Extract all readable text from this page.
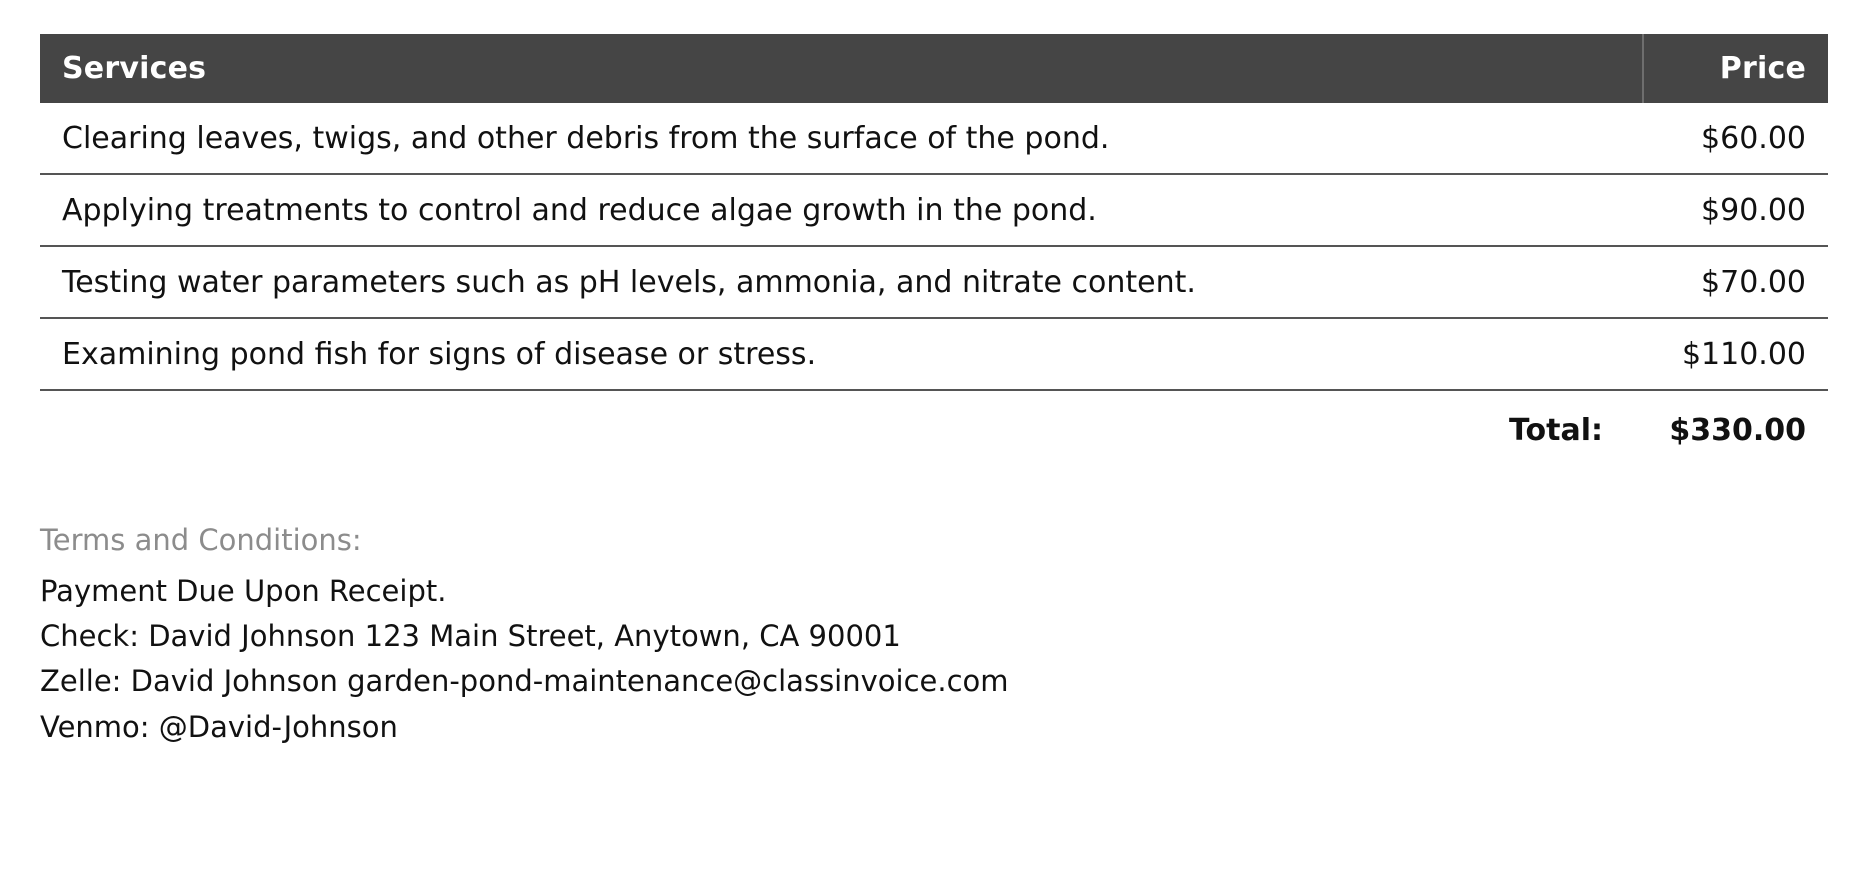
Services	Price
Clearing leaves, twigs, and other debris from the surface of the pond.	$60.00
Applying treatments to control and reduce algae growth in the pond.	$90.00
Testing water parameters such as pH levels, ammonia, and nitrate content.	$70.00
Examining pond fish for signs of disease or stress.	$110.00
Total:	$330.00
Terms and Conditions:
Payment Due Upon Receipt.
Check: David Johnson 123 Main Street, Anytown, CA 90001
Zelle: David Johnson garden-pond-maintenance@classinvoice.com
Venmo: @David-Johnson
